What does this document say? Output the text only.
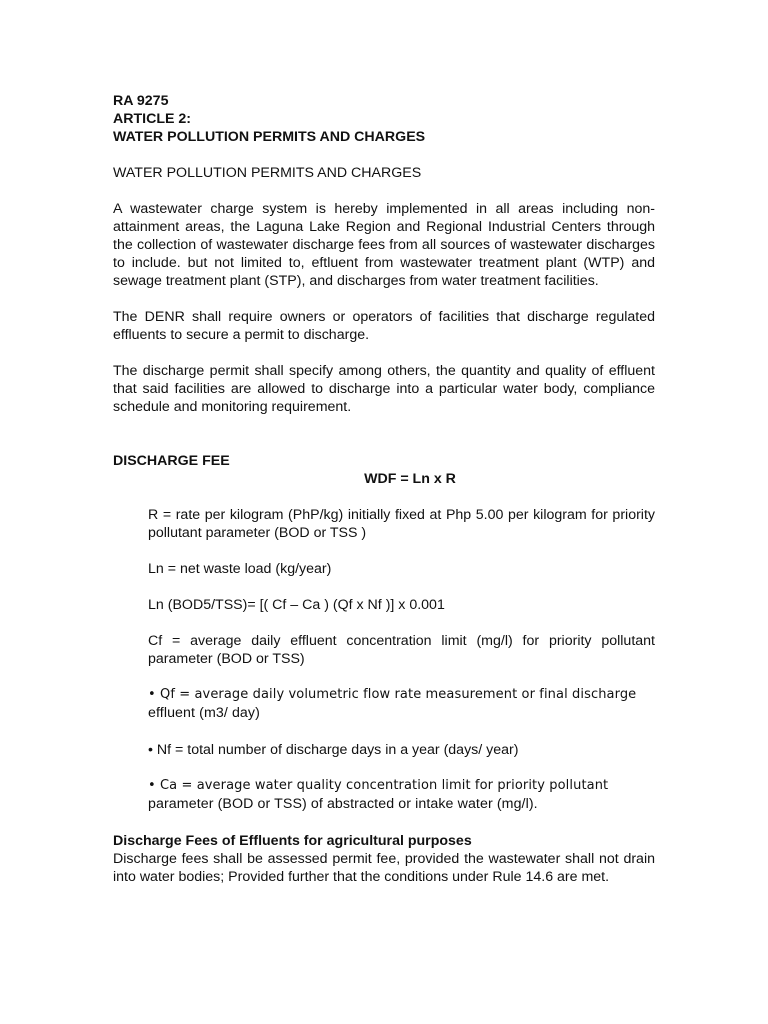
RA 9275

ARTICLE 2:

WATER POLLUTION PERMITS AND CHARGES

WATER POLLUTION PERMITS AND CHARGES

A wastewater charge system is hereby implemented in all areas including non-attainment areas, the Laguna Lake Region and Regional Industrial Centers through the collection of wastewater discharge fees from all sources of wastewater discharges to include. but not limited to, eftluent from wastewater treatment plant (WTP) and sewage treatment plant (STP), and discharges from water treatment facilities.

The DENR shall require owners or operators of facilities that discharge regulated effluents to secure a permit to discharge.

The discharge permit shall specify among others, the quantity and quality of effluent that said facilities are allowed to discharge into a particular water body, compliance schedule and monitoring requirement.

DISCHARGE FEE

WDF = Ln x R

R = rate per kilogram (PhP/kg) initially fixed at Php 5.00 per kilogram for priority pollutant parameter (BOD or TSS )

Ln = net waste load (kg/year)

Ln (BOD5/TSS)= [( Cf – Ca ) (Qf x Nf )] x 0.001

Cf = average daily effluent concentration limit (mg/l) for priority pollutant parameter (BOD or TSS)

• Qf = average daily volumetric flow rate measurement or final discharge
effluent (m3/ day)

• Nf = total number of discharge days in a year (days/ year)

• Ca = average water quality concentration limit for priority pollutant
parameter (BOD or TSS) of abstracted or intake water (mg/l).

Discharge Fees of Effluents for agricultural purposes

Discharge fees shall be assessed permit fee, provided the wastewater shall not drain into water bodies; Provided further that the conditions under Rule 14.6 are met.
